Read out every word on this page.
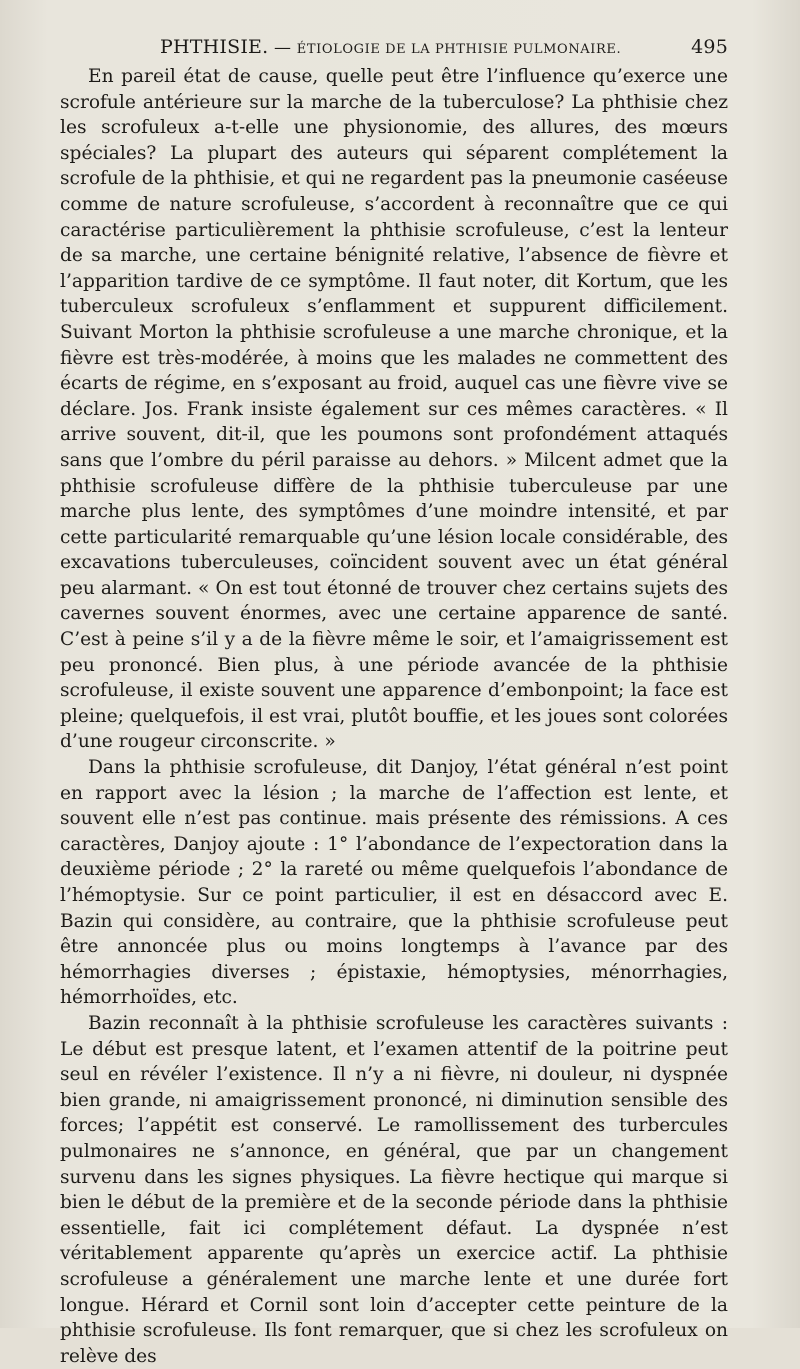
PHTHISIE. — ÉTIOLOGIE DE LA PHTHISIE PULMONAIRE.	495

En pareil état de cause, quelle peut être l’influence qu’exerce une scrofule antérieure sur la marche de la tuberculose? La phthisie chez les scrofuleux a-t-elle une physionomie, des allures, des mœurs spéciales? La plupart des auteurs qui séparent complétement la scrofule de la phthisie, et qui ne regardent pas la pneumonie caséeuse comme de nature scrofuleuse, s’accordent à reconnaître que ce qui caractérise particulièrement la phthisie scrofuleuse, c’est la lenteur de sa marche, une certaine bénignité relative, l’absence de fièvre et l’apparition tardive de ce symptôme. Il faut noter, dit Kortum, que les tuberculeux scrofuleux s’enflamment et suppurent difficilement. Suivant Morton la phthisie scrofuleuse a une marche chronique, et la fièvre est très-modérée, à moins que les malades ne commettent des écarts de régime, en s’exposant au froid, auquel cas une fièvre vive se déclare. Jos. Frank insiste également sur ces mêmes caractères. « Il arrive souvent, dit-il, que les poumons sont profondément attaqués sans que l’ombre du péril paraisse au dehors. » Milcent admet que la phthisie scrofuleuse diffère de la phthisie tuberculeuse par une marche plus lente, des symptômes d’une moindre intensité, et par cette particularité remarquable qu’une lésion locale considérable, des excavations tuberculeuses, coïncident souvent avec un état général peu alarmant. « On est tout étonné de trouver chez certains sujets des cavernes souvent énormes, avec une certaine apparence de santé. C’est à peine s’il y a de la fièvre même le soir, et l’amaigrissement est peu prononcé. Bien plus, à une période avancée de la phthisie scrofuleuse, il existe souvent une apparence d’embonpoint; la face est pleine; quelquefois, il est vrai, plutôt bouffie, et les joues sont colorées d’une rougeur circonscrite. »

Dans la phthisie scrofuleuse, dit Danjoy, l’état général n’est point en rapport avec la lésion ; la marche de l’affection est lente, et souvent elle n’est pas continue. mais présente des rémissions. A ces caractères, Danjoy ajoute : 1° l’abondance de l’expectoration dans la deuxième période ; 2° la rareté ou même quelquefois l’abondance de l’hémoptysie. Sur ce point particulier, il est en désaccord avec E. Bazin qui considère, au contraire, que la phthisie scrofuleuse peut être annoncée plus ou moins longtemps à l’avance par des hémorrhagies diverses ; épistaxie, hémoptysies, ménorrhagies, hémorrhoïdes, etc.

Bazin reconnaît à la phthisie scrofuleuse les caractères suivants : Le début est presque latent, et l’examen attentif de la poitrine peut seul en révéler l’existence. Il n’y a ni fièvre, ni douleur, ni dyspnée bien grande, ni amaigrissement prononcé, ni diminution sensible des forces; l’appétit est conservé. Le ramollissement des turbercules pulmonaires ne s’annonce, en général, que par un changement survenu dans les signes physiques. La fièvre hectique qui marque si bien le début de la première et de la seconde période dans la phthisie essentielle, fait ici complétement défaut. La dyspnée n’est véritablement apparente qu’après un exercice actif. La phthisie scrofuleuse a généralement une marche lente et une durée fort longue. Hérard et Cornil sont loin d’accepter cette peinture de la phthisie scrofuleuse. Ils font remarquer, que si chez les scrofuleux on relève des
